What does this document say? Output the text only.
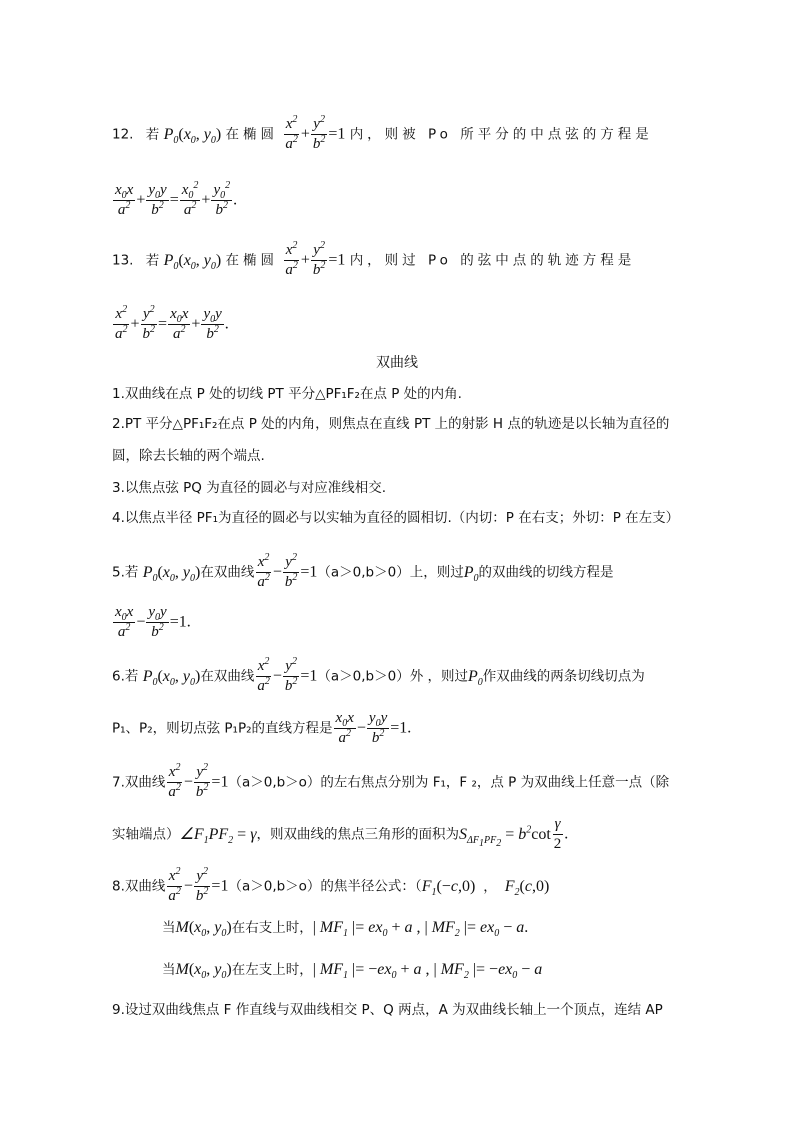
12. 若 $P_0(x_0$, $y_0$) 在椭圆 $\frac{x^2}{a^2} + \frac{y^2}{b^2} =1$ 内，则被 Po 所平分的中点弦的方程是
$\frac{x_0x}{a^2} + \frac{y_0y}{b^2} = \frac{x_0^2}{a^2} + \frac{y_0^2}{b^2}$ .
13. 若 $P_0(x_0$, $y_0$) 在椭圆 $\frac{x^2}{a^2} + \frac{y^2}{b^2} =1$ 内，则过 Po 的弦中点的轨迹方程是
$\frac{x^2}{a^2} + \frac{y^2}{b^2} = \frac{x_0x}{a^2} + \frac{y_0y}{b^2}$ .
双曲线
1.双曲线在点 P 处的切线 PT 平分△PF₁F₂在点 P 处的内角.
2.PT 平分△PF₁F₂在点 P 处的内角，则焦点在直线 PT 上的射影 H 点的轨迹是以长轴为直径的
圆，除去长轴的两个端点.
3.以焦点弦 PQ 为直径的圆必与对应准线相交.
4.以焦点半径 PF₁为直径的圆必与以实轴为直径的圆相切.（内切：P 在右支；外切：P 在左支）
5.若 $P_0(x_0$, $y_0$)在双曲线 $\frac{x^2}{a^2} - \frac{y^2}{b^2} =1(a>0,b>0)$上，则过$P_0$的双曲线的切线方程是
$\frac{x_0x}{a^2} - \frac{y_0y}{b^2} =1$.
6.若 $P_0(x_0$, $y_0$)在双曲线 $\frac{x^2}{a^2} - \frac{y^2}{b^2} =1(a>0,b>0)$外 ，则过$P_0$作双曲线的两条切线切点为
P₁、P₂，则切点弦 P₁P₂的直线方程是 $\frac{x_0x}{a^2} - \frac{y_0y}{b^2} =1$.
7.双曲线 $\frac{x^2}{a^2} - \frac{y^2}{b^2} =1(a>0,b>o)$的左右焦点分别为 F₁，F ₂，点 P 为双曲线上任意一点（除
实轴端点）$\angle F_1PF_2 = \gamma$，则双曲线的焦点三角形的面积为$S_{\Delta F_1PF_2} = b^2\cot \frac{\gamma}{2}$ .
8.双曲线 $\frac{x^2}{a^2} - \frac{y^2}{b^2} =1(a>0,b>o)$的焦半径公式：（$F_1(-c,0)$ ， $F_2(c,0)$
当$M(x_0$, $y_0$)在右支上时，| $MF_1$ |= $ex_0 + a$ , | $MF_2$ |= $ex_0 - a$.
当$M(x_0$, $y_0$)在左支上时，| $MF_1$ |= $-ex_0 + a$ , | $MF_2$ |= $-ex_0 - a$
9.设过双曲线焦点 F 作直线与双曲线相交 P、Q 两点，A 为双曲线长轴上一个顶点，连结 AP
